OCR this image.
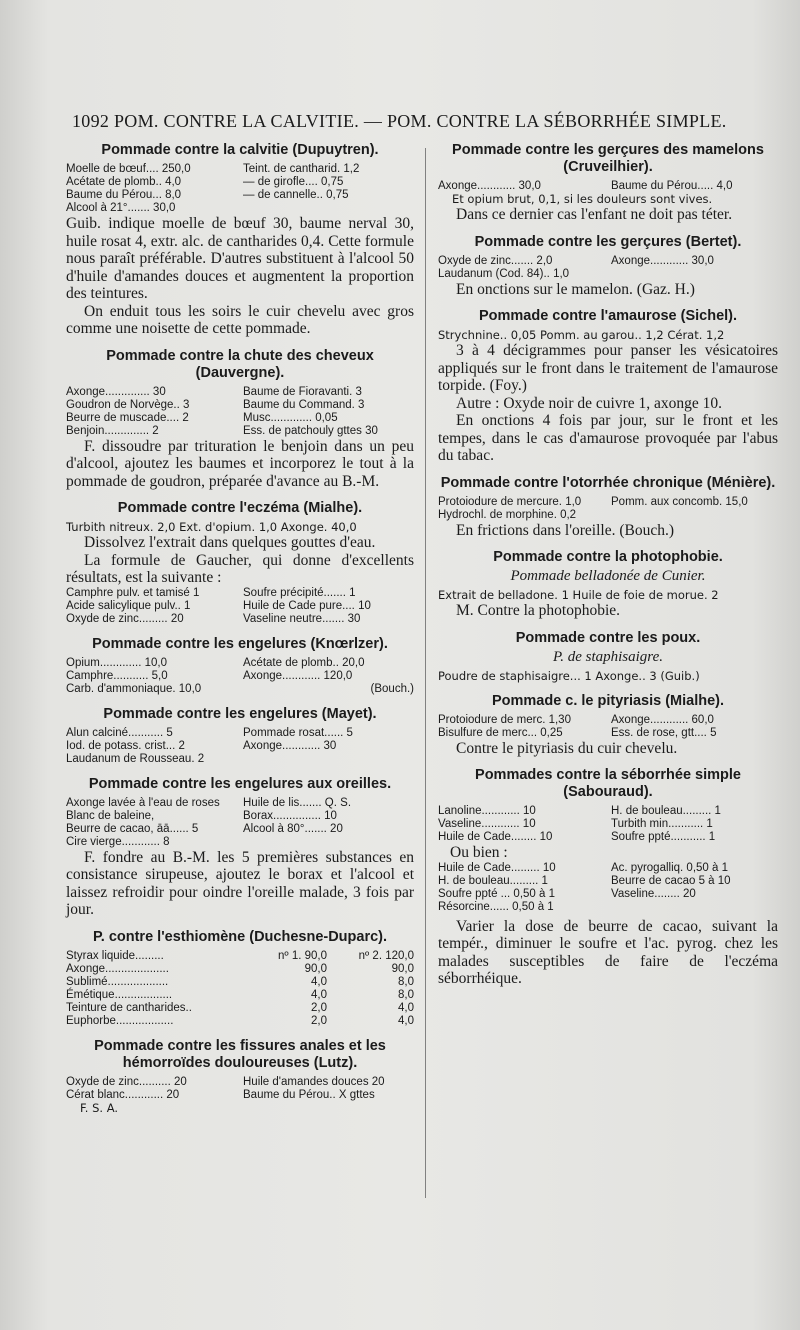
1092 POM. CONTRE LA CALVITIE. — POM. CONTRE LA SÉBORRHÉE SIMPLE.
Pommade contre la calvitie (Dupuytren).
Moelle de bœuf.... 250,0	Teint. de cantharid. 1,2
Acétate de plomb.. 4,0	— de girofle.... 0,75
Baume du Pérou... 8,0	— de cannelle.. 0,75
Alcool à 21°....... 30,0

Guib. indique moelle de bœuf 30, baume nerval 30, huile rosat 4, extr. alc. de cantharides 0,4. Cette formule nous paraît préférable. D'autres substituent à l'alcool 50 d'huile d'amandes douces et augmentent la proportion des teintures.

On enduit tous les soirs le cuir chevelu avec gros comme une noisette de cette pommade.

Pommade contre la chute des cheveux (Dauvergne).
Axonge.............. 30	Baume de Fioravanti. 3
Goudron de Norvège.. 3	Baume du Command. 3
Beurre de muscade.... 2	Musc............. 0,05
Benjoin.............. 2	Ess. de patchouly gttes 30

F. dissoudre par trituration le benjoin dans un peu d'alcool, ajoutez les baumes et incorporez le tout à la pommade de goudron, préparée d'avance au B.-M.

Pommade contre l'eczéma (Mialhe).
Turbith nitreux. 2,0 Ext. d'opium. 1,0 Axonge. 40,0

Dissolvez l'extrait dans quelques gouttes d'eau.

La formule de Gaucher, qui donne d'excellents résultats, est la suivante :

Camphre pulv. et tamisé 1	Soufre précipité....... 1
Acide salicylique pulv.. 1	Huile de Cade pure.... 10
Oxyde de zinc......... 20	Vaseline neutre....... 30
Pommade contre les engelures (Knœrlzer).
Opium............. 10,0	Acétate de plomb.. 20,0
Camphre........... 5,0	Axonge............ 120,0
Carb. d'ammoniaque. 10,0	(Bouch.)
Pommade contre les engelures (Mayet).
Alun calciné........... 5	Pommade rosat...... 5
Iod. de potass. crist... 2	Axonge............ 30
Laudanum de Rousseau. 2
Pommade contre les engelures aux oreilles.
Axonge lavée à l'eau de roses	Huile de lis....... Q. S.
Blanc de baleine,	Borax............... 10
Beurre de cacao, āā...... 5	Alcool à 80°....... 20
Cire vierge............ 8

F. fondre au B.-M. les 5 premières substances en consistance sirupeuse, ajoutez le borax et l'alcool et laissez refroidir pour oindre l'oreille malade, 3 fois par jour.

P. contre l'esthiomène (Duchesne-Duparc).
Styrax liquide.........	nº 1. 90,0	nº 2. 120,0
Axonge....................	90,0	90,0
Sublimé...................	4,0	8,0
Émétique..................	4,0	8,0
Teinture de cantharides..	2,0	4,0
Euphorbe..................	2,0	4,0
Pommade contre les fissures anales et les hémorroïdes douloureuses (Lutz).
Oxyde de zinc.......... 20	Huile d'amandes douces 20
Cérat blanc............ 20	Baume du Pérou.. X gttes
F. S. A.
Pommade contre les gerçures des mamelons (Cruveilhier).
Axonge............ 30,0	Baume du Pérou..... 4,0
Et opium brut, 0,1, si les douleurs sont vives.

Dans ce dernier cas l'enfant ne doit pas téter.

Pommade contre les gerçures (Bertet).
Oxyde de zinc....... 2,0	Axonge............ 30,0
Laudanum (Cod. 84).. 1,0

En onctions sur le mamelon. (Gaz. H.)

Pommade contre l'amaurose (Sichel).
Strychnine.. 0,05 Pomm. au garou.. 1,2 Cérat. 1,2

3 à 4 décigrammes pour panser les vésicatoires appliqués sur le front dans le traitement de l'amaurose torpide. (Foy.)

Autre : Oxyde noir de cuivre 1, axonge 10.

En onctions 4 fois par jour, sur le front et les tempes, dans le cas d'amaurose provoquée par l'abus du tabac.

Pommade contre l'otorrhée chronique (Ménière).
Protoiodure de mercure. 1,0	Pomm. aux concomb. 15,0
Hydrochl. de morphine. 0,2

En frictions dans l'oreille. (Bouch.)

Pommade contre la photophobie.
Pommade belladonée de Cunier.
Extrait de belladone. 1 Huile de foie de morue. 2

M. Contre la photophobie.

Pommade contre les poux.
P. de staphisaigre.
Poudre de staphisaigre... 1 Axonge.. 3 (Guib.)
Pommade c. le pityriasis (Mialhe).
Protoiodure de merc. 1,30	Axonge............ 60,0
Bisulfure de merc... 0,25	Ess. de rose, gtt.... 5

Contre le pityriasis du cuir chevelu.

Pommades contre la séborrhée simple (Sabouraud).
Lanoline............ 10	H. de bouleau......... 1
Vaseline............ 10	Turbith min........... 1
Huile de Cade........ 10	Soufre ppté........... 1

Ou bien :

Huile de Cade......... 10	Ac. pyrogalliq. 0,50 à 1
H. de bouleau......... 1	Beurre de cacao 5 à 10
Soufre ppté ... 0,50 à 1	Vaseline........ 20
Résorcine...... 0,50 à 1

Varier la dose de beurre de cacao, suivant la tempér., diminuer le soufre et l'ac. pyrog. chez les malades susceptibles de faire de l'eczéma séborrhéique.
